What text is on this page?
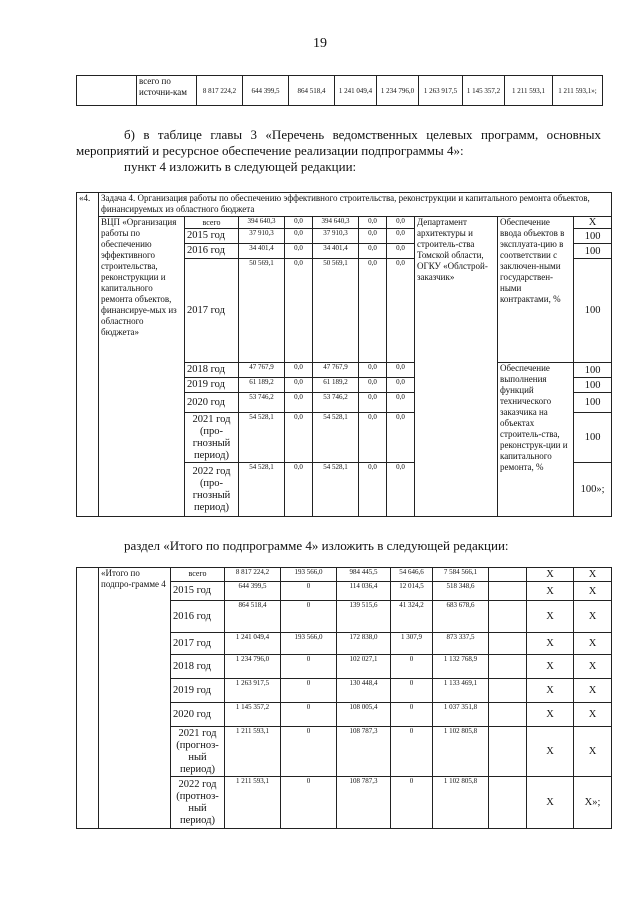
19
	всего по источни-кам	8 817 224,2	644 399,5	864 518,4	1 241 049,4	1 234 796,0	1 263 917,5	1 145 357,2	1 211 593,1	1 211 593,1»;

б) в таблице главы 3 «Перечень ведомственных целевых программ, основных мероприятий и ресурсное обеспечение реализации подпрограммы 4»:

пункт 4 изложить в следующей редакции:

«4.	Задача 4. Организация работы по обеспечению эффективного строительства, реконструкции и капитального ремонта объектов, финансируемых из областного бюджета									
	ВЦП «Организация работы по обеспечению эффективного строительства, реконструкции и капитального ремонта объектов, финансируе-мых из областного бюджета»	всего	394 640,3	0,0	394 640,3	0,0	0,0	Департамент архитектуры и строитель-ства Томской области, ОГКУ «Облстрой-заказчик»	Обеспечение ввода объектов в эксплуата-цию в соответствии с заключен-ными государствен-ными контрактами, %	Х
		2015 год	37 910,3	0,0	37 910,3	0,0	0,0			100
		2016 год	34 401,4	0,0	34 401,4	0,0	0,0			100
		2017 год	50 569,1	0,0	50 569,1	0,0	0,0			100
		2018 год	47 767,9	0,0	47 767,9	0,0	0,0		Обеспечение выполнения функций технического заказчика на объектах строитель-ства, реконструк-ции и капитального ремонта, %	100
		2019 год	61 189,2	0,0	61 189,2	0,0	0,0			100
		2020 год	53 746,2	0,0	53 746,2	0,0	0,0			100
		2021 год (про-гнозный период)	54 528,1	0,0	54 528,1	0,0	0,0			100
		2022 год (про-гнозный период)	54 528,1	0,0	54 528,1	0,0	0,0			100»;

раздел «Итого по подпрограмме 4» изложить в следующей редакции:

	«Итого по подпро-грамме 4	всего	8 817 224,2	193 566,0	984 445,5	54 646,6	7 584 566,1		Х	Х
		2015 год	644 399,5	0	114 036,4	12 014,5	518 348,6		Х	Х
		2016 год	864 518,4	0	139 515,6	41 324,2	683 678,6		Х	Х
		2017 год	1 241 049,4	193 566,0	172 838,0	1 307,9	873 337,5		Х	Х
		2018 год	1 234 796,0	0	102 027,1	0	1 132 768,9		Х	Х
		2019 год	1 263 917,5	0	130 448,4	0	1 133 469,1		Х	Х
		2020 год	1 145 357,2	0	108 005,4	0	1 037 351,8		Х	Х
		2021 год (прогноз-ный период)	1 211 593,1	0	108 787,3	0	1 102 805,8		Х	Х
		2022 год (протноз-ный период)	1 211 593,1	0	108 787,3	0	1 102 805,8		Х	Х»;
